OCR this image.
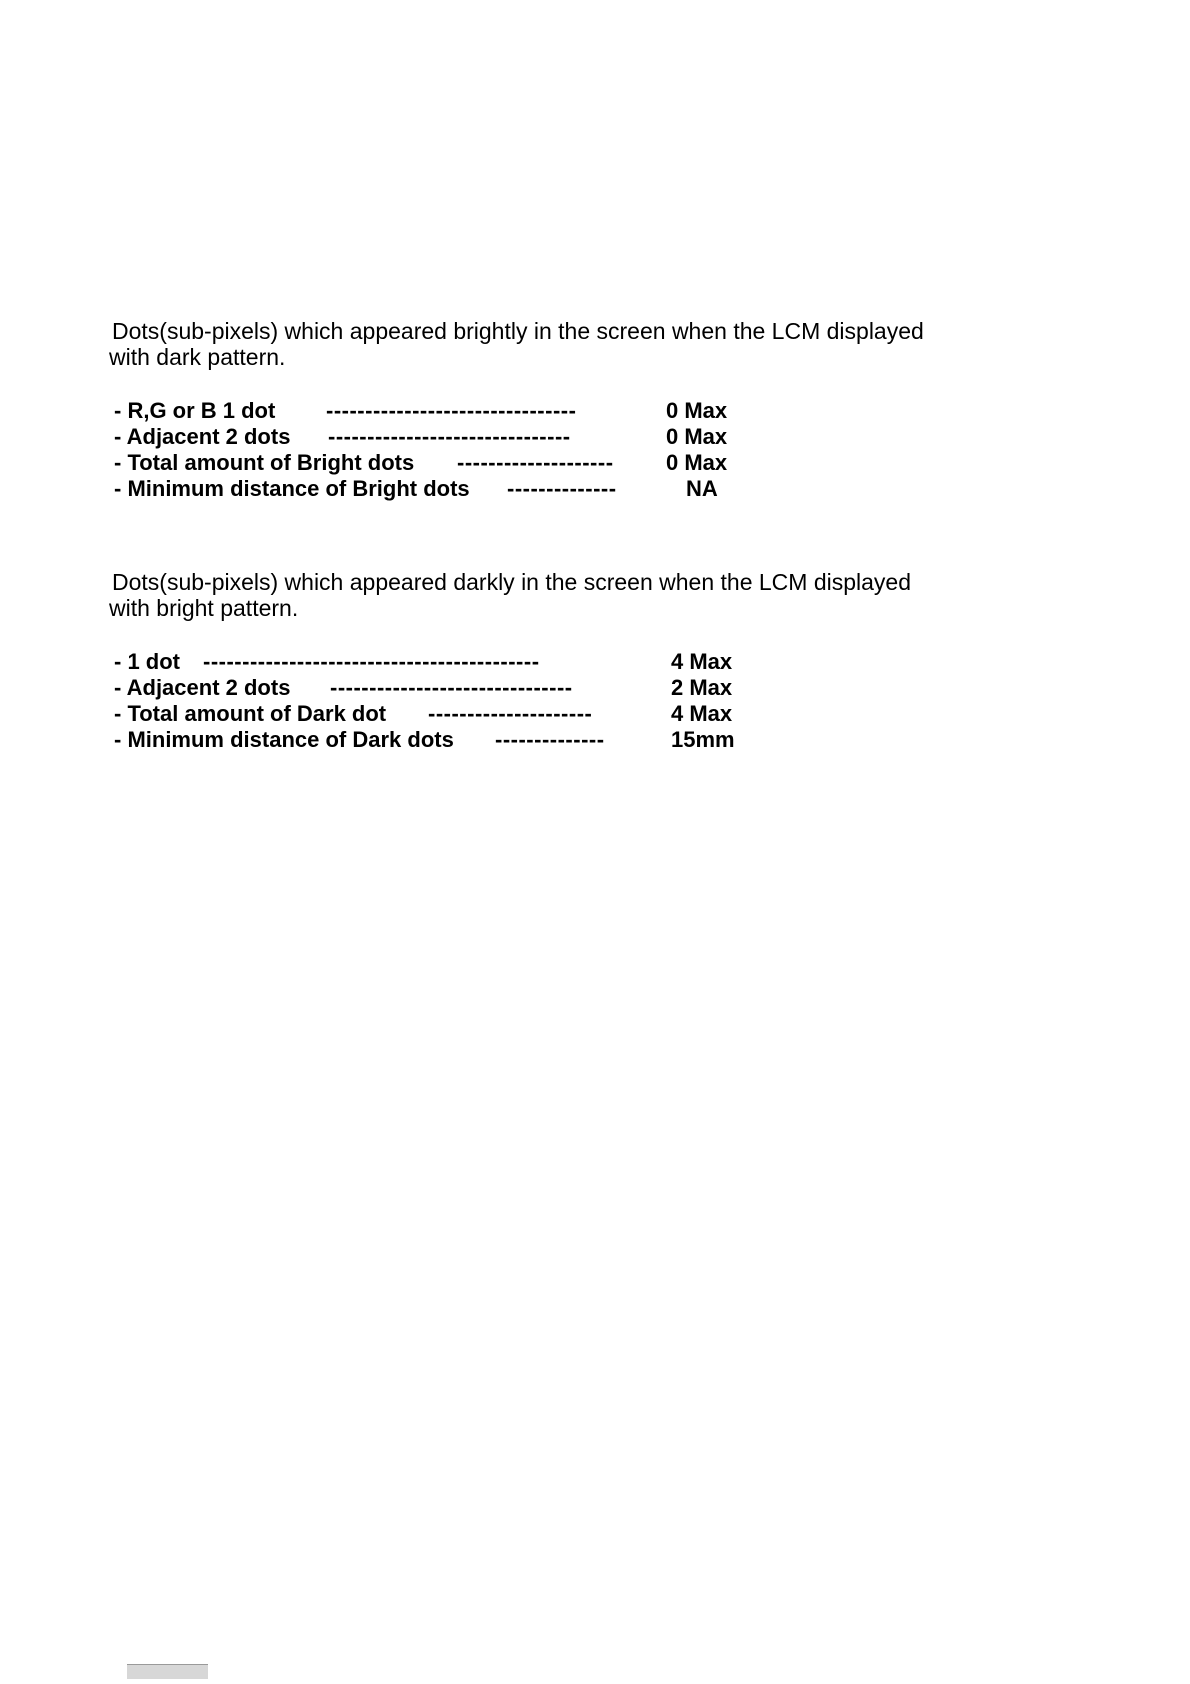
Dots(sub-pixels) which appeared brightly in the screen when the LCM displayed
with dark pattern.

- R,G or B 1 dot --------------------------------	0 Max
- Adjacent 2 dots -------------------------------	0 Max
- Total amount of Bright dots -------------------- 0 Max
- Minimum distance of Bright dots --------------	NA

Dots(sub-pixels) which appeared darkly in the screen when the LCM displayed
with bright pattern.

- 1 dot -------------------------------------------	4 Max
- Adjacent 2 dots -------------------------------	2 Max
- Total amount of Dark dot ---------------------	4 Max
- Minimum distance of Dark dots --------------	15mm
